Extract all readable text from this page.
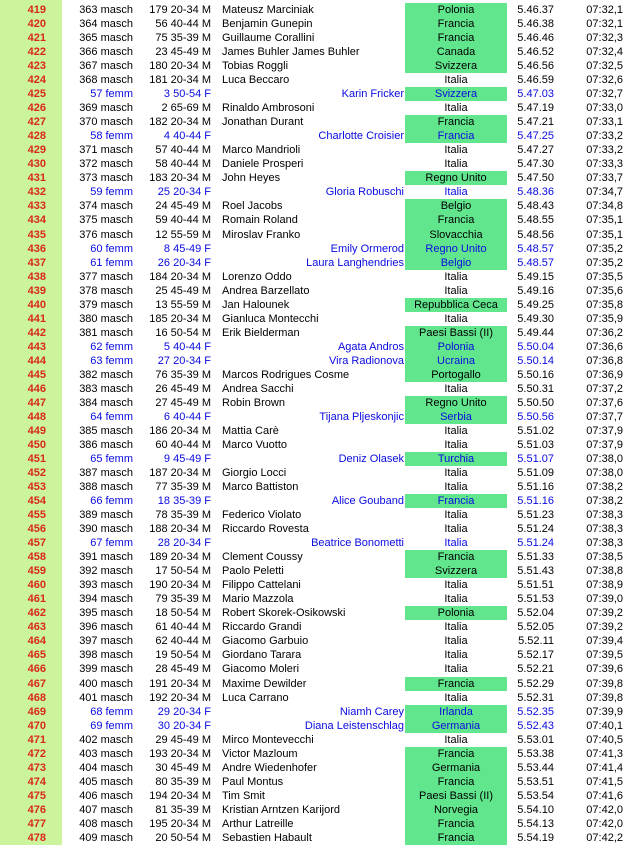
419	363 masch	179 20-34 M	Mateusz Marciniak	Polonia	5.46.37	07:32,1
420	364 masch	56 40-44 M	Benjamin Gunepin	Francia	5.46.38	07:32,1
421	365 masch	75 35-39 M	Guillaume Corallini	Francia	5.46.46	07:32,3
422	366 masch	23 45-49 M	James Buhler James Buhler	Canada	5.46.52	07:32,4
423	367 masch	180 20-34 M	Tobias Roggli	Svizzera	5.46.56	07:32,5
424	368 masch	181 20-34 M	Luca Beccaro	Italia	5.46.59	07:32,6
425	57 femm	3 50-54 F	Karin Fricker	Svizzera	5.47.03	07:32,7
426	369 masch	2 65-69 M	Rinaldo Ambrosoni	Italia	5.47.19	07:33,0
427	370 masch	182 20-34 M	Jonathan Durant	Francia	5.47.21	07:33,1
428	58 femm	4 40-44 F	Charlotte Croisier	Francia	5.47.25	07:33,2
429	371 masch	57 40-44 M	Marco Mandrioli	Italia	5.47.27	07:33,2
430	372 masch	58 40-44 M	Daniele Prosperi	Italia	5.47.30	07:33,3
431	373 masch	183 20-34 M	John Heyes	Regno Unito	5.47.50	07:33,7
432	59 femm	25 20-34 F	Gloria Robuschi	Italia	5.48.36	07:34,7
433	374 masch	24 45-49 M	Roel Jacobs	Belgio	5.48.43	07:34,8
434	375 masch	59 40-44 M	Romain Roland	Francia	5.48.55	07:35,1
435	376 masch	12 55-59 M	Miroslav Franko	Slovacchia	5.48.56	07:35,1
436	60 femm	8 45-49 F	Emily Ormerod	Regno Unito	5.48.57	07:35,2
437	61 femm	26 20-34 F	Laura Langhendries	Belgio	5.48.57	07:35,2
438	377 masch	184 20-34 M	Lorenzo Oddo	Italia	5.49.15	07:35,5
439	378 masch	25 45-49 M	Andrea Barzellato	Italia	5.49.16	07:35,6
440	379 masch	13 55-59 M	Jan Halounek	Repubblica Ceca	5.49.25	07:35,8
441	380 masch	185 20-34 M	Gianluca Montecchi	Italia	5.49.30	07:35,9
442	381 masch	16 50-54 M	Erik Bielderman	Paesi Bassi (II)	5.49.44	07:36,2
443	62 femm	5 40-44 F	Agata Andros	Polonia	5.50.04	07:36,6
444	63 femm	27 20-34 F	Vira Radionova	Ucraina	5.50.14	07:36,8
445	382 masch	76 35-39 M	Marcos Rodrigues Cosme	Portogallo	5.50.16	07:36,9
446	383 masch	26 45-49 M	Andrea Sacchi	Italia	5.50.31	07:37,2
447	384 masch	27 45-49 M	Robin Brown	Regno Unito	5.50.50	07:37,6
448	64 femm	6 40-44 F	Tijana Pljeskonjic	Serbia	5.50.56	07:37,7
449	385 masch	186 20-34 M	Mattia Carè	Italia	5.51.02	07:37,9
450	386 masch	60 40-44 M	Marco Vuotto	Italia	5.51.03	07:37,9
451	65 femm	9 45-49 F	Deniz Olasek	Turchia	5.51.07	07:38,0
452	387 masch	187 20-34 M	Giorgio Locci	Italia	5.51.09	07:38,0
453	388 masch	77 35-39 M	Marco Battiston	Italia	5.51.16	07:38,2
454	66 femm	18 35-39 F	Alice Gouband	Francia	5.51.16	07:38,2
455	389 masch	78 35-39 M	Federico Violato	Italia	5.51.23	07:38,3
456	390 masch	188 20-34 M	Riccardo Rovesta	Italia	5.51.24	07:38,3
457	67 femm	28 20-34 F	Beatrice Bonometti	Italia	5.51.24	07:38,3
458	391 masch	189 20-34 M	Clement Coussy	Francia	5.51.33	07:38,5
459	392 masch	17 50-54 M	Paolo Peletti	Svizzera	5.51.43	07:38,8
460	393 masch	190 20-34 M	Filippo Cattelani	Italia	5.51.51	07:38,9
461	394 masch	79 35-39 M	Mario Mazzola	Italia	5.51.53	07:39,0
462	395 masch	18 50-54 M	Robert Skorek-Osikowski	Polonia	5.52.04	07:39,2
463	396 masch	61 40-44 M	Riccardo Grandi	Italia	5.52.05	07:39,2
464	397 masch	62 40-44 M	Giacomo Garbuio	Italia	5.52.11	07:39,4
465	398 masch	19 50-54 M	Giordano Tarara	Italia	5.52.17	07:39,5
466	399 masch	28 45-49 M	Giacomo Moleri	Italia	5.52.21	07:39,6
467	400 masch	191 20-34 M	Maxime Dewilder	Francia	5.52.29	07:39,8
468	401 masch	192 20-34 M	Luca Carrano	Italia	5.52.31	07:39,8
469	68 femm	29 20-34 F	Niamh Carey	Irlanda	5.52.35	07:39,9
470	69 femm	30 20-34 F	Diana Leistenschlag	Germania	5.52.43	07:40,1
471	402 masch	29 45-49 M	Mirco Montevecchi	Italia	5.53.01	07:40,5
472	403 masch	193 20-34 M	Victor Mazloum	Francia	5.53.38	07:41,3
473	404 masch	30 45-49 M	Andre Wiedenhofer	Germania	5.53.44	07:41,4
474	405 masch	80 35-39 M	Paul Montus	Francia	5.53.51	07:41,5
475	406 masch	194 20-34 M	Tim Smit	Paesi Bassi (II)	5.53.54	07:41,6
476	407 masch	81 35-39 M	Kristian Arntzen Karijord	Norvegia	5.54.10	07:42,0
477	408 masch	195 20-34 M	Arthur Latreille	Francia	5.54.13	07:42,0
478	409 masch	20 50-54 M	Sebastien Habault	Francia	5.54.19	07:42,2
